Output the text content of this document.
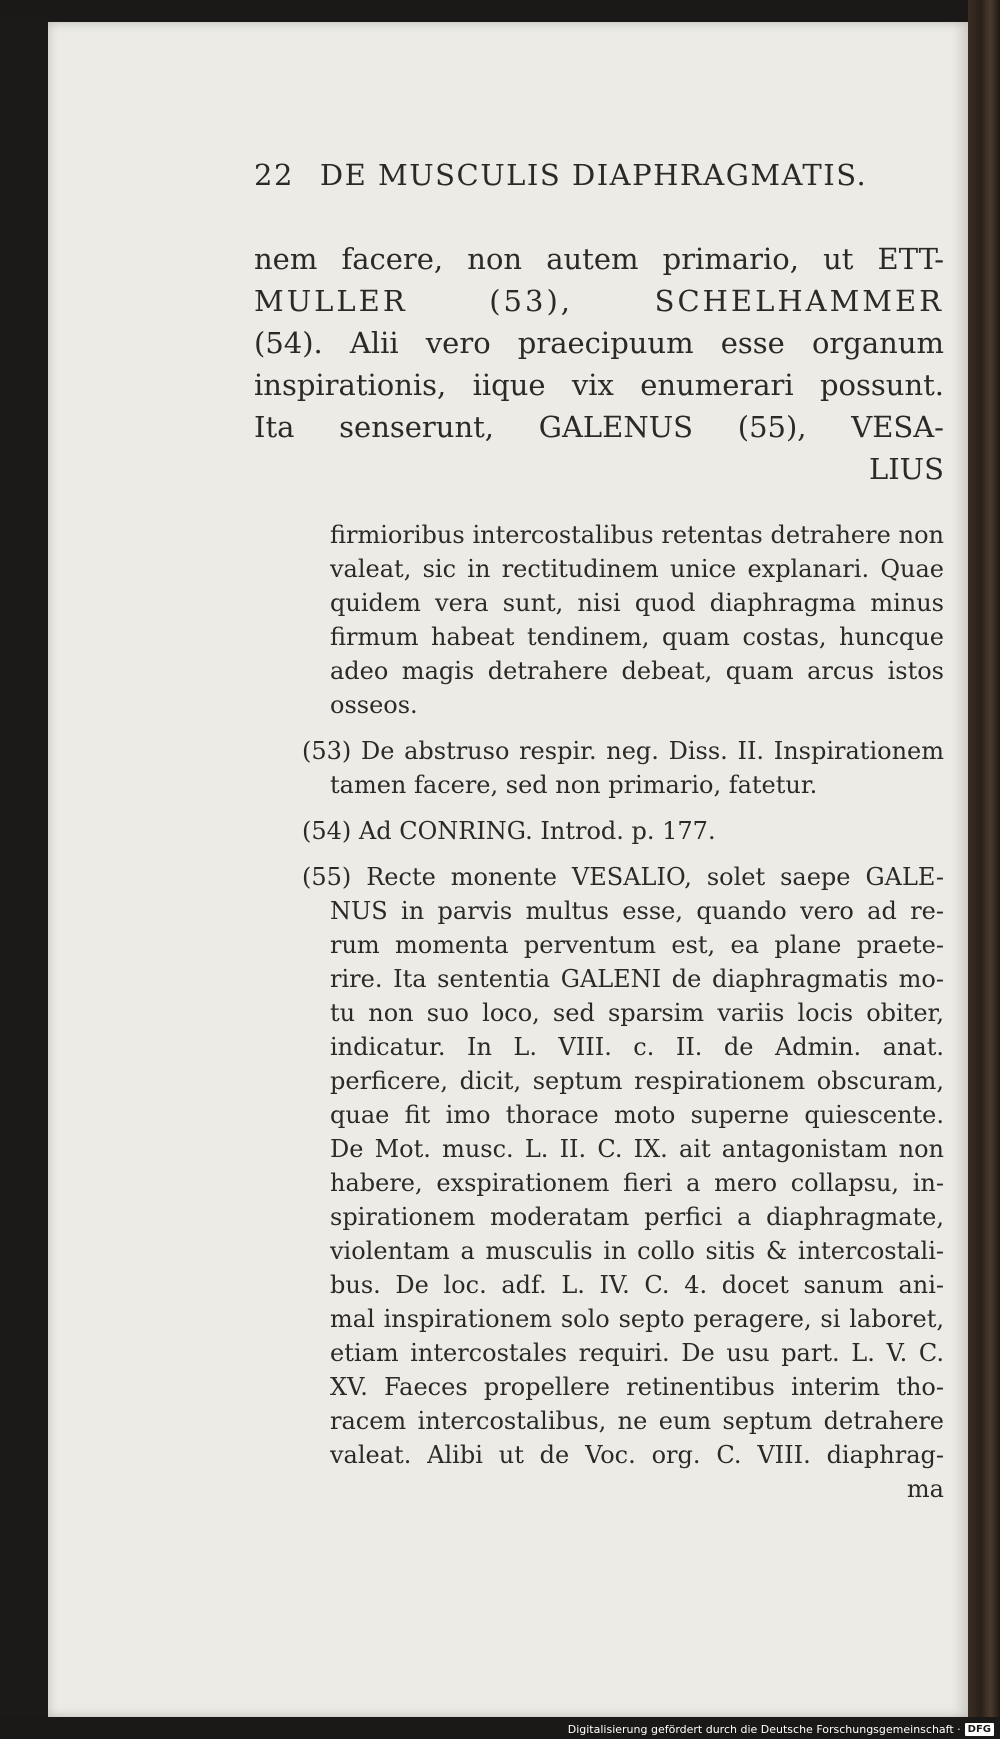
22 DE MUSCULIS DIAPHRAGMATIS.
nem facere, non autem primario, ut ETT-
MULLER (53), SCHELHAMMER
(54). Alii vero praecipuum esse organum
inspirationis, iique vix enumerari possunt.
Ita senserunt, GALENUS (55), VESA-
LIUS
firmioribus intercostalibus retentas detrahere non
valeat, sic in rectitudinem unice explanari. Quae
quidem vera sunt, nisi quod diaphragma minus
firmum habeat tendinem, quam costas, huncque
adeo magis detrahere debeat, quam arcus istos
osseos.
(53) De abstruso respir. neg. Diss. II. Inspirationem
tamen facere, sed non primario, fatetur.
(54) Ad CONRING. Introd. p. 177.
(55) Recte monente VESALIO, solet saepe GALE-
NUS in parvis multus esse, quando vero ad re-
rum momenta perventum est, ea plane praete-
rire. Ita sententia GALENI de diaphragmatis mo-
tu non suo loco, sed sparsim variis locis obiter,
indicatur. In L. VIII. c. II. de Admin. anat.
perficere, dicit, septum respirationem obscuram,
quae fit imo thorace moto superne quiescente.
De Mot. musc. L. II. C. IX. ait antagonistam non
habere, exspirationem fieri a mero collapsu, in-
spirationem moderatam perfici a diaphragmate,
violentam a musculis in collo sitis & intercostali-
bus. De loc. adf. L. IV. C. 4. docet sanum ani-
mal inspirationem solo septo peragere, si laboret,
etiam intercostales requiri. De usu part. L. V. C.
XV. Faeces propellere retinentibus interim tho-
racem intercostalibus, ne eum septum detrahere
valeat. Alibi ut de Voc. org. C. VIII. diaphrag-
ma
Digitalisierung gefördert durch die Deutsche Forschungsgemeinschaft · DFG
